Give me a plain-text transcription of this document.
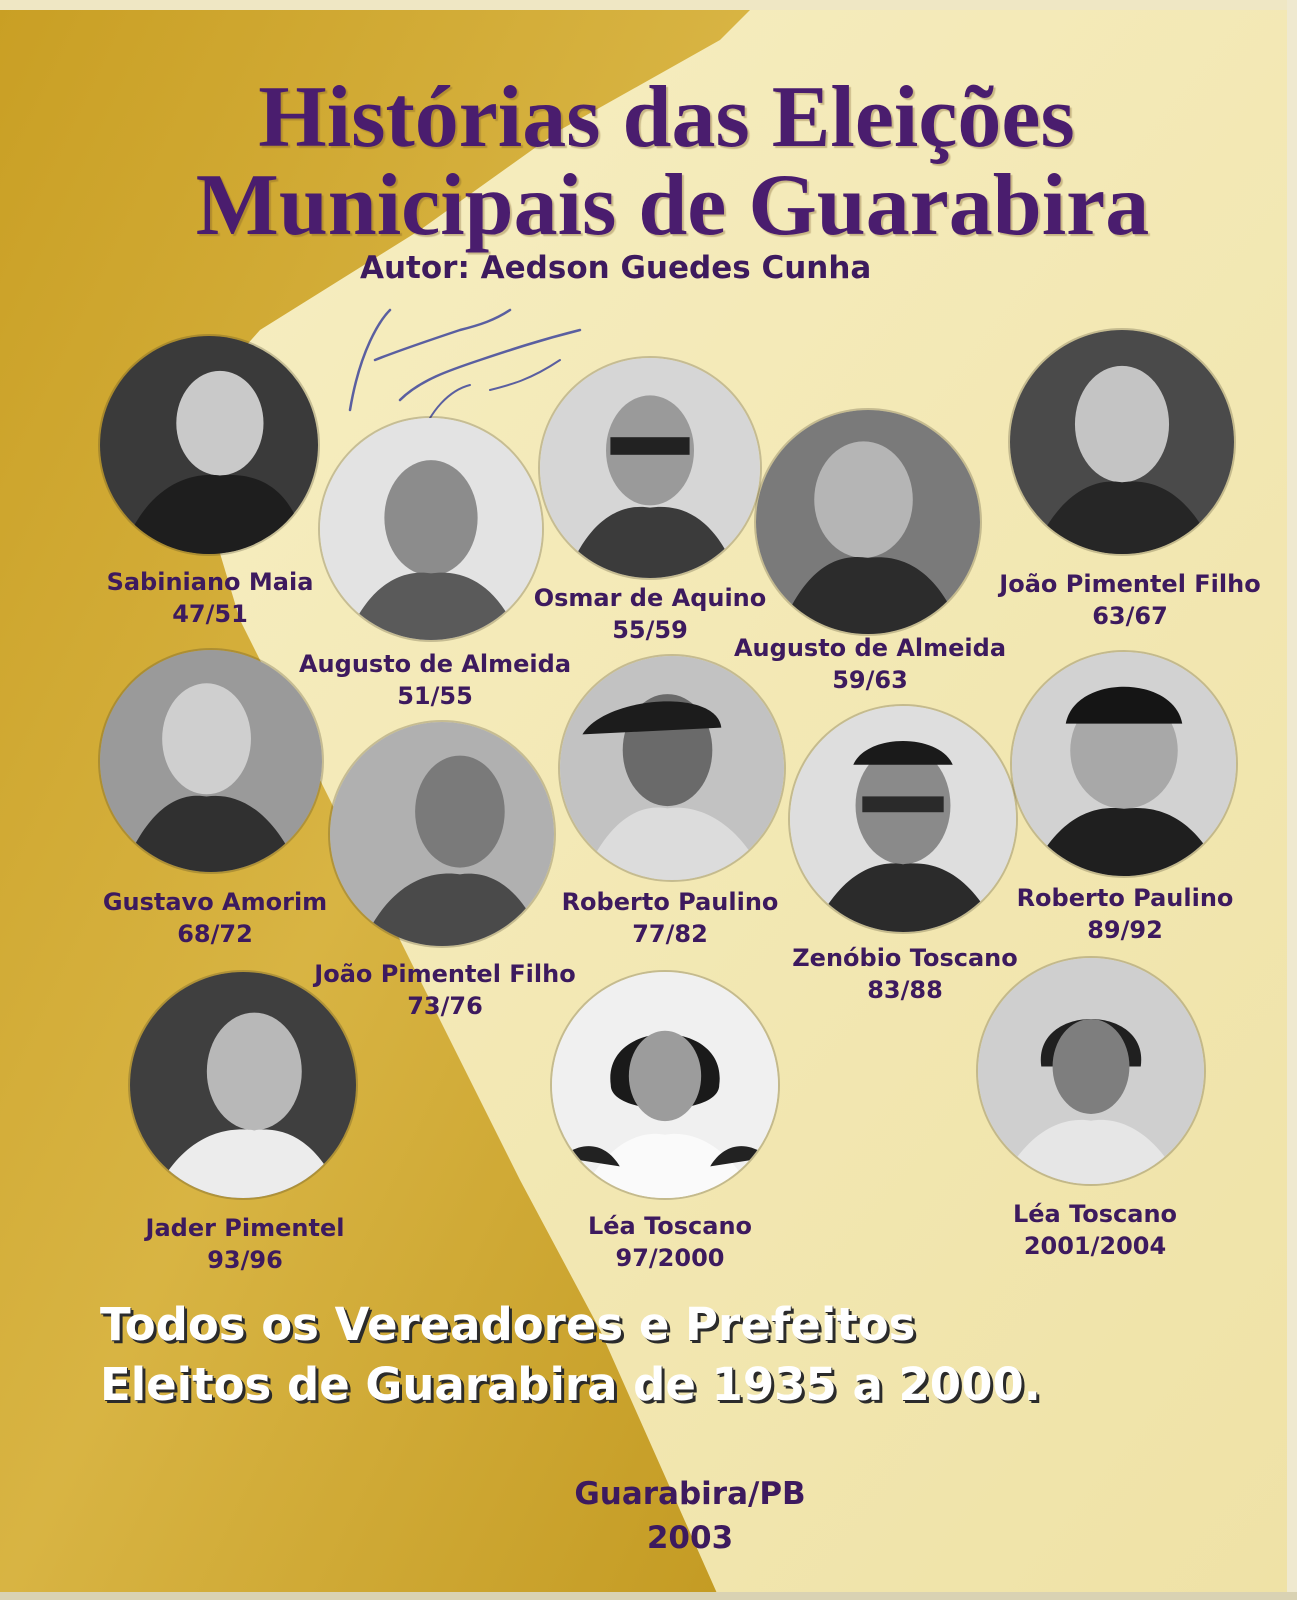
Histórias das Eleições
Municipais de Guarabira
Autor: Aedson Guedes Cunha
Sabiniano Maia
47/51
Augusto de Almeida
51/55
Osmar de Aquino
55/59
Augusto de Almeida
59/63
João Pimentel Filho
63/67
Gustavo Amorim
68/72
João Pimentel Filho
73/76
Roberto Paulino
77/82
Zenóbio Toscano
83/88
Roberto Paulino
89/92
Jader Pimentel
93/96
Léa Toscano
97/2000
Léa Toscano
2001/2004

Todos os Vereadores e Prefeitos

Eleitos de Guarabira de 1935 a 2000.

Guarabira/PB
2003
